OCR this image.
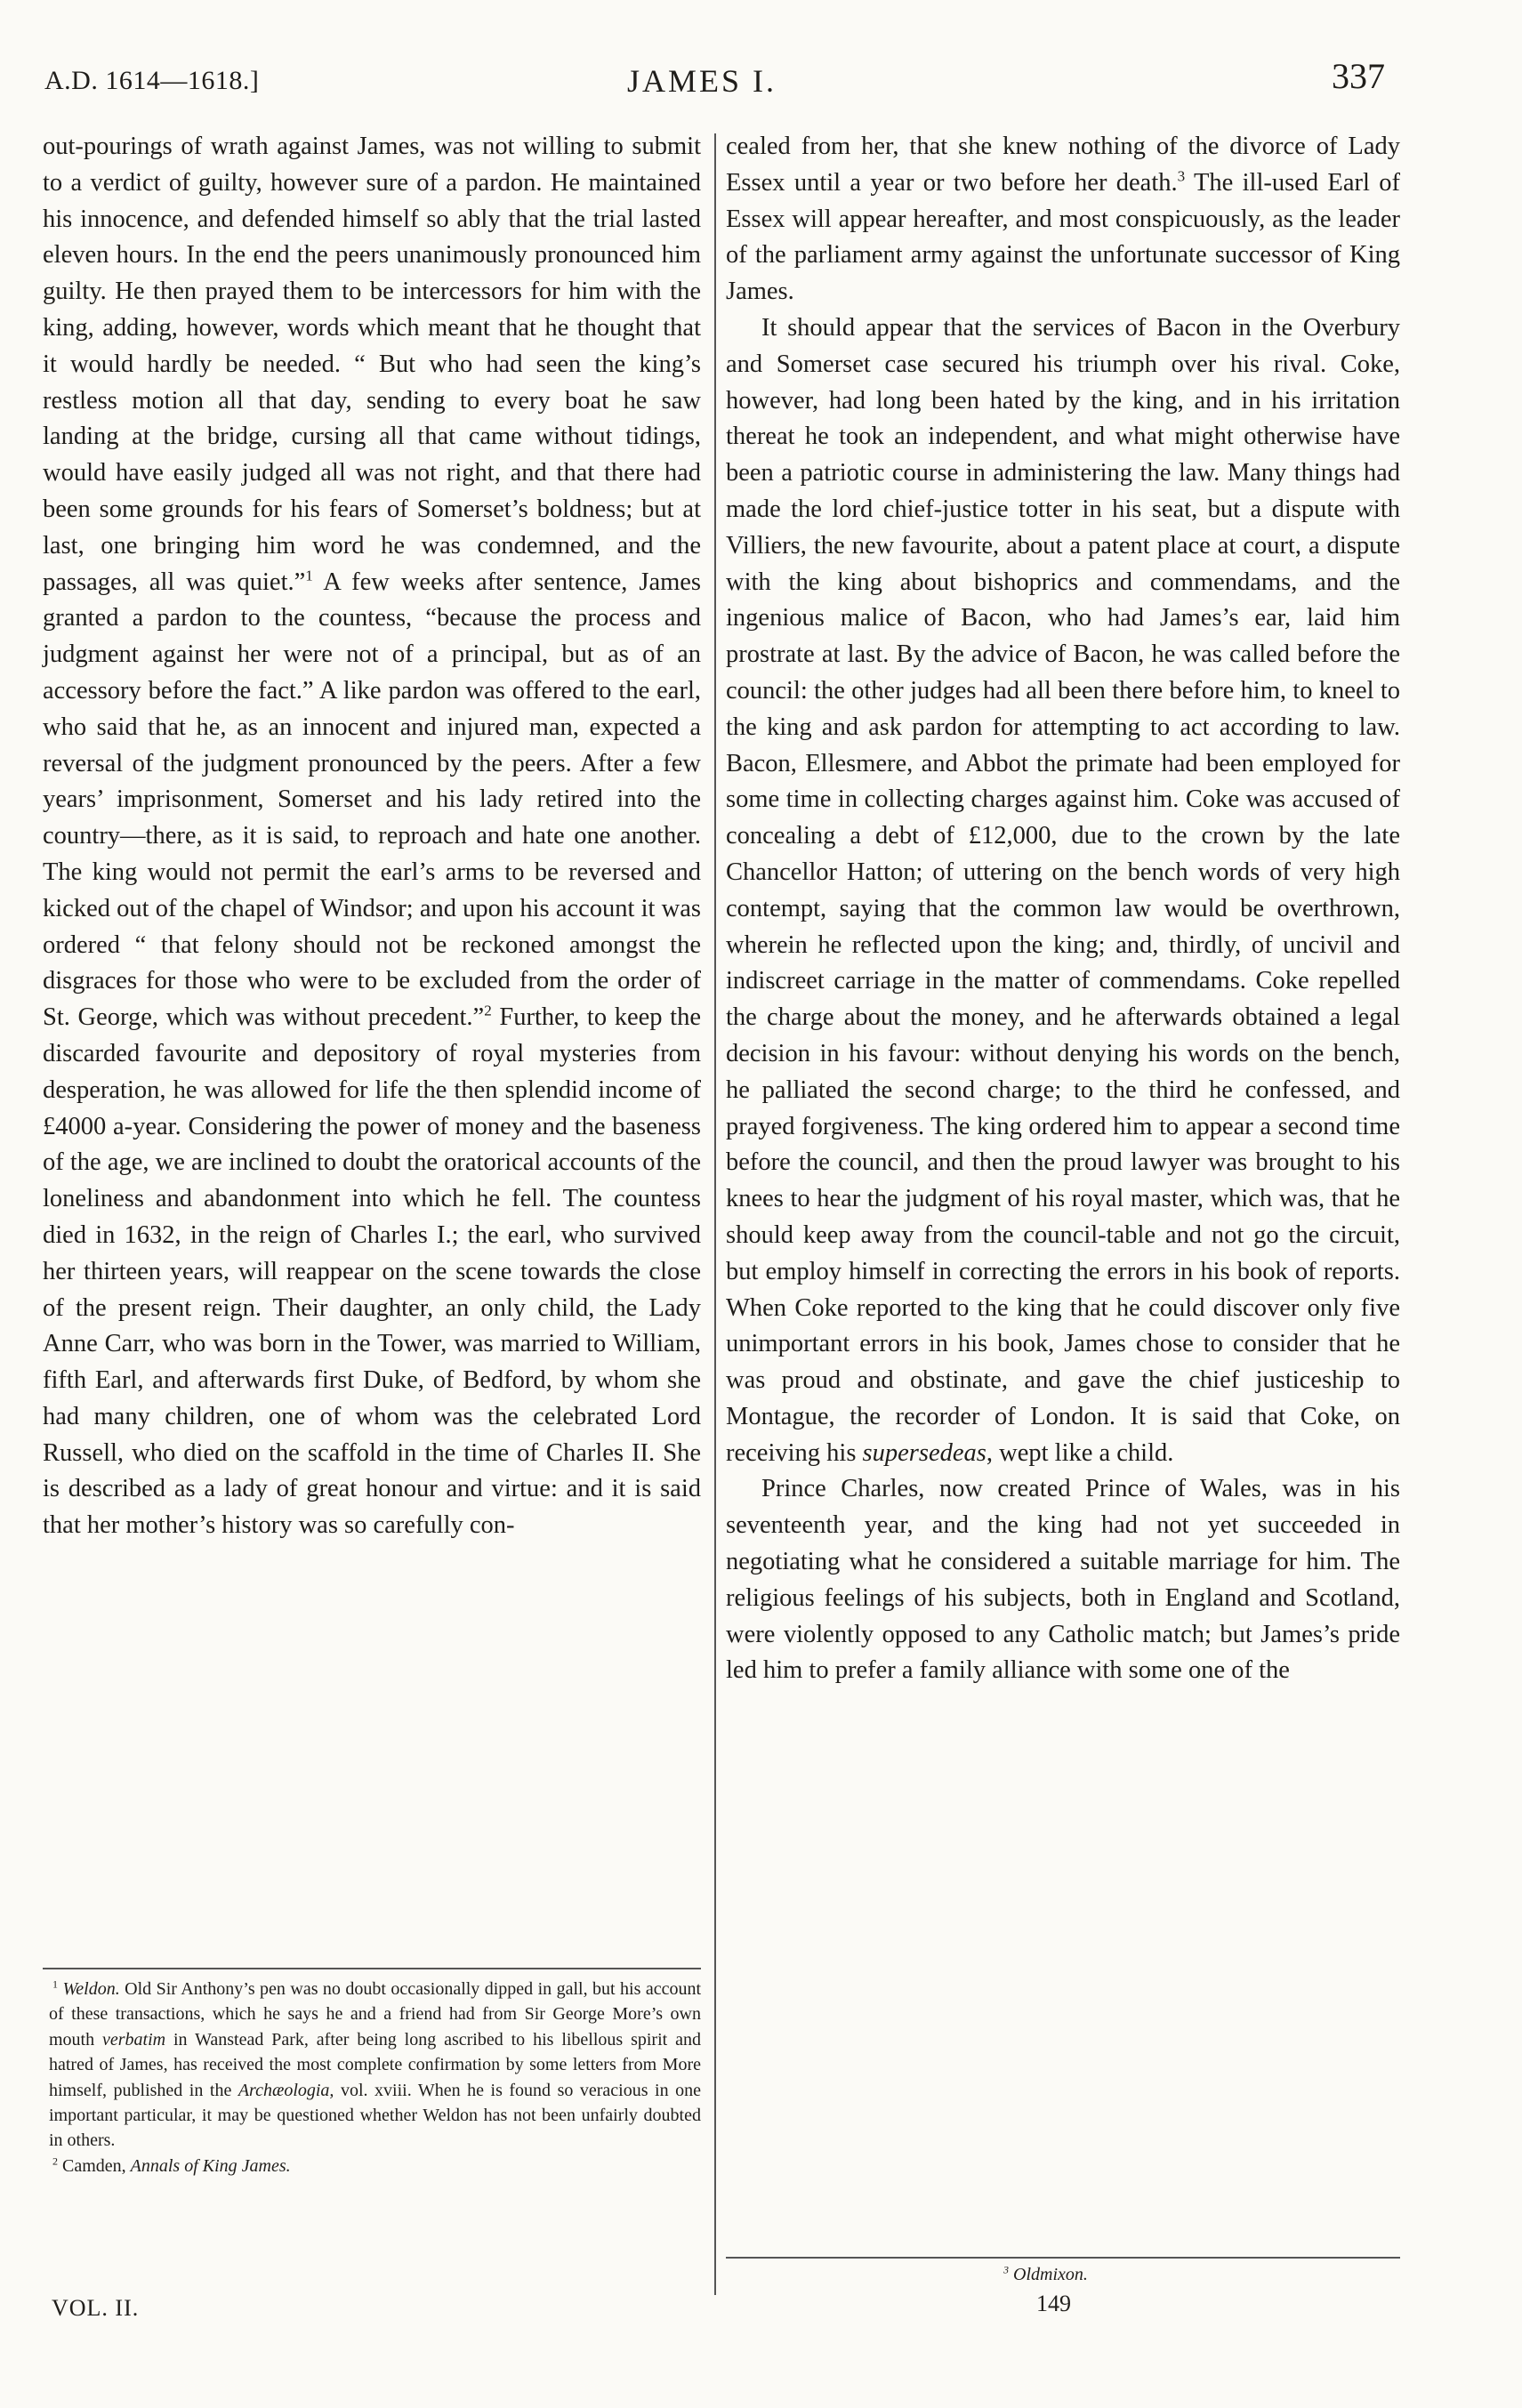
A.D. 1614—1618.]	JAMES I.	337

out-pourings of wrath against James, was not willing to submit to a verdict of guilty, however sure of a pardon. He maintained his innocence, and defended himself so ably that the trial lasted eleven hours. In the end the peers unanimously pronounced him guilty. He then prayed them to be intercessors for him with the king, adding, however, words which meant that he thought that it would hardly be needed. “ But who had seen the king’s restless motion all that day, sending to every boat he saw landing at the bridge, cursing all that came without tidings, would have easily judged all was not right, and that there had been some grounds for his fears of Somerset’s boldness; but at last, one bringing him word he was condemned, and the passages, all was quiet.”$^1$ A few weeks after sentence, James granted a pardon to the countess, “because the process and judgment against her were not of a principal, but as of an accessory before the fact.” A like pardon was offered to the earl, who said that he, as an innocent and injured man, expected a reversal of the judgment pronounced by the peers. After a few years’ imprisonment, Somerset and his lady retired into the country—there, as it is said, to reproach and hate one another. The king would not permit the earl’s arms to be reversed and kicked out of the chapel of Windsor; and upon his account it was ordered “ that felony should not be reckoned amongst the disgraces for those who were to be excluded from the order of St. George, which was without precedent.”$^2$ Further, to keep the discarded favourite and depository of royal mysteries from desperation, he was allowed for life the then splendid income of £4000 a-year. Considering the power of money and the baseness of the age, we are inclined to doubt the oratorical accounts of the loneliness and abandonment into which he fell. The countess died in 1632, in the reign of Charles I.; the earl, who survived her thirteen years, will reappear on the scene towards the close of the present reign. Their daughter, an only child, the Lady Anne Carr, who was born in the Tower, was married to William, fifth Earl, and afterwards first Duke, of Bedford, by whom she had many children, one of whom was the celebrated Lord Russell, who died on the scaffold in the time of Charles II. She is described as a lady of great honour and virtue: and it is said that her mother’s history was so carefully con-

cealed from her, that she knew nothing of the divorce of Lady Essex until a year or two before her death.$^3$ The ill-used Earl of Essex will appear hereafter, and most conspicuously, as the leader of the parliament army against the unfortunate successor of King James.

It should appear that the services of Bacon in the Overbury and Somerset case secured his triumph over his rival. Coke, however, had long been hated by the king, and in his irritation thereat he took an independent, and what might otherwise have been a patriotic course in administering the law. Many things had made the lord chief-justice totter in his seat, but a dispute with Villiers, the new favourite, about a patent place at court, a dispute with the king about bishoprics and commendams, and the ingenious malice of Bacon, who had James’s ear, laid him prostrate at last. By the advice of Bacon, he was called before the council: the other judges had all been there before him, to kneel to the king and ask pardon for attempting to act according to law. Bacon, Ellesmere, and Abbot the primate had been employed for some time in collecting charges against him. Coke was accused of concealing a debt of £12,000, due to the crown by the late Chancellor Hatton; of uttering on the bench words of very high contempt, saying that the common law would be overthrown, wherein he reflected upon the king; and, thirdly, of uncivil and indiscreet carriage in the matter of commendams. Coke repelled the charge about the money, and he afterwards obtained a legal decision in his favour: without denying his words on the bench, he palliated the second charge; to the third he confessed, and prayed forgiveness. The king ordered him to appear a second time before the council, and then the proud lawyer was brought to his knees to hear the judgment of his royal master, which was, that he should keep away from the council-table and not go the circuit, but employ himself in correcting the errors in his book of reports. When Coke reported to the king that he could discover only five unimportant errors in his book, James chose to consider that he was proud and obstinate, and gave the chief justiceship to Montague, the recorder of London. It is said that Coke, on receiving his supersedeas, wept like a child.

Prince Charles, now created Prince of Wales, was in his seventeenth year, and the king had not yet succeeded in negotiating what he considered a suitable marriage for him. The religious feelings of his subjects, both in England and Scotland, were violently opposed to any Catholic match; but James’s pride led him to prefer a family alliance with some one of the

$^1$ Weldon. Old Sir Anthony’s pen was no doubt occasionally dipped in gall, but his account of these transactions, which he says he and a friend had from Sir George More’s own mouth verbatim in Wanstead Park, after being long ascribed to his libellous spirit and hatred of James, has received the most complete confirmation by some letters from More himself, published in the Archæologia, vol. xviii. When he is found so veracious in one important particular, it may be questioned whether Weldon has not been unfairly doubted in others.

$^2$ Camden, Annals of King James.

$^3$ Oldmixon.
VOL. II.	149
